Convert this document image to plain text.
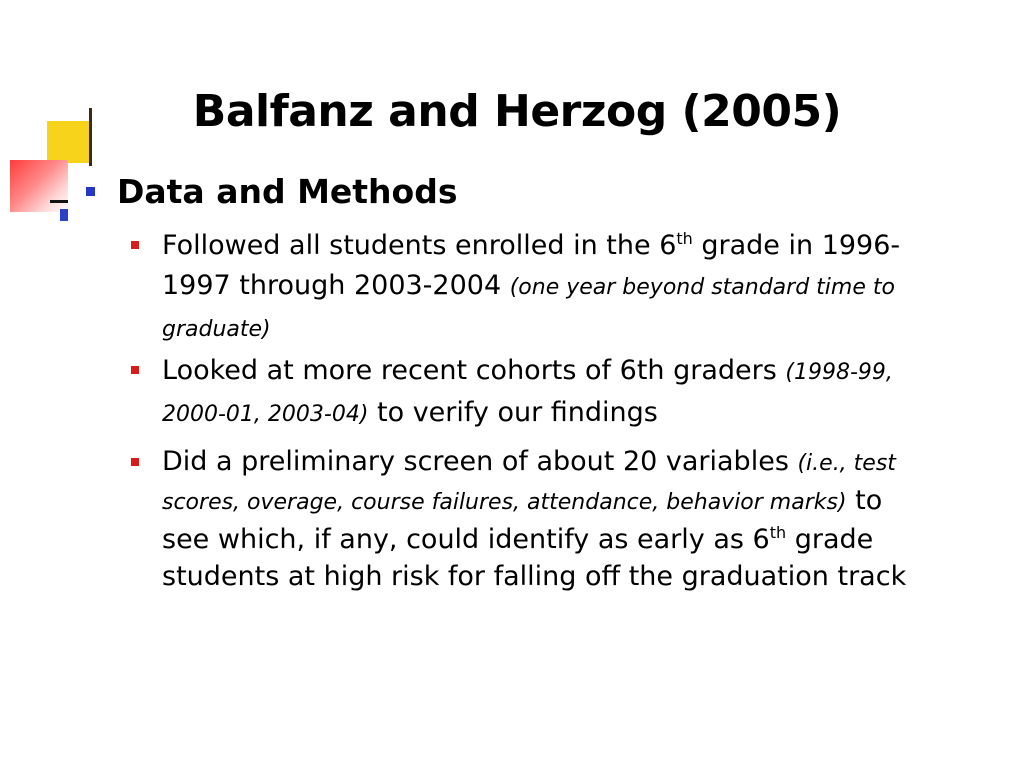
Balfanz and Herzog (2005)
Data and Methods
Followed all students enrolled in the 6th grade in 1996-1997 through 2003-2004 (one year beyond standard time to graduate)
Looked at more recent cohorts of 6th graders (1998-99, 2000-01, 2003-04) to verify our findings
Did a preliminary screen of about 20 variables (i.e., test scores, overage, course failures, attendance, behavior marks) to see which, if any, could identify as early as 6th grade students at high risk for falling off the graduation track
